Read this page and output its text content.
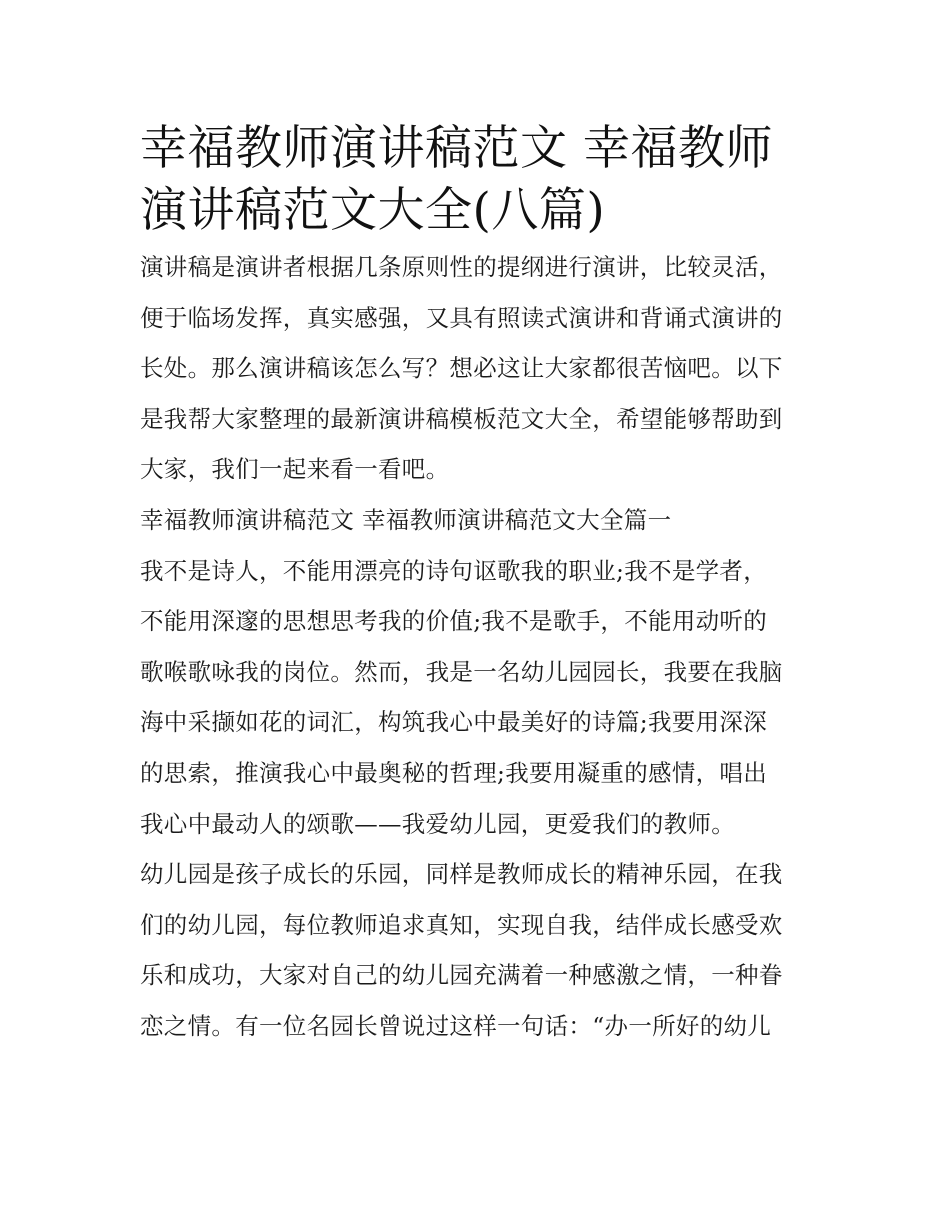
幸福教师演讲稿范文 幸福教师
演讲稿范文大全(八篇)
演讲稿是演讲者根据几条原则性的提纲进行演讲，比较灵活，
便于临场发挥，真实感强，又具有照读式演讲和背诵式演讲的
长处。那么演讲稿该怎么写？想必这让大家都很苦恼吧。以下
是我帮大家整理的最新演讲稿模板范文大全，希望能够帮助到
大家，我们一起来看一看吧。
幸福教师演讲稿范文 幸福教师演讲稿范文大全篇一
我不是诗人，不能用漂亮的诗句讴歌我的职业;我不是学者，
不能用深邃的思想思考我的价值;我不是歌手，不能用动听的
歌喉歌咏我的岗位。然而，我是一名幼儿园园长，我要在我脑
海中采撷如花的词汇，构筑我心中最美好的诗篇;我要用深深
的思索，推演我心中最奥秘的哲理;我要用凝重的感情，唱出
我心中最动人的颂歌——我爱幼儿园，更爱我们的教师。
幼儿园是孩子成长的乐园，同样是教师成长的精神乐园，在我
们的幼儿园，每位教师追求真知，实现自我，结伴成长感受欢
乐和成功，大家对自己的幼儿园充满着一种感激之情，一种眷
恋之情。有一位名园长曾说过这样一句话：“办一所好的幼儿
